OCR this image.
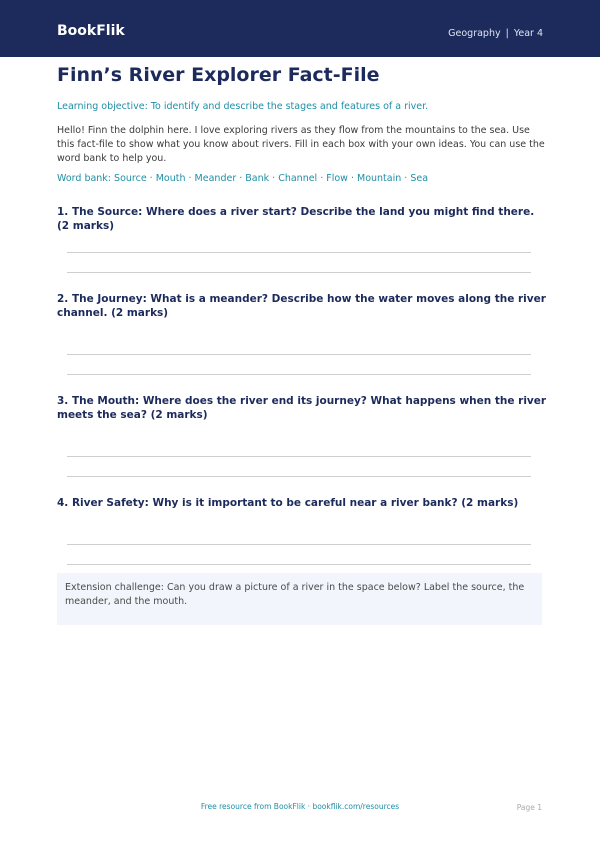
BookFlik	Geography | Year 4
Finn’s River Explorer Fact-File
Learning objective: To identify and describe the stages and features of a river.
Hello! Finn the dolphin here. I love exploring rivers as they flow from the mountains to the sea. Use this fact-file to show what you know about rivers. Fill in each box with your own ideas. You can use the word bank to help you.
Word bank: Source · Mouth · Meander · Bank · Channel · Flow · Mountain · Sea
1. The Source: Where does a river start? Describe the land you might find there. (2 marks)
2. The Journey: What is a meander? Describe how the water moves along the river channel. (2 marks)
3. The Mouth: Where does the river end its journey? What happens when the river meets the sea? (2 marks)
4. River Safety: Why is it important to be careful near a river bank? (2 marks)
Extension challenge: Can you draw a picture of a river in the space below? Label the source, the meander, and the mouth.
Free resource from BookFlik · bookflik.com/resources	Page 1
